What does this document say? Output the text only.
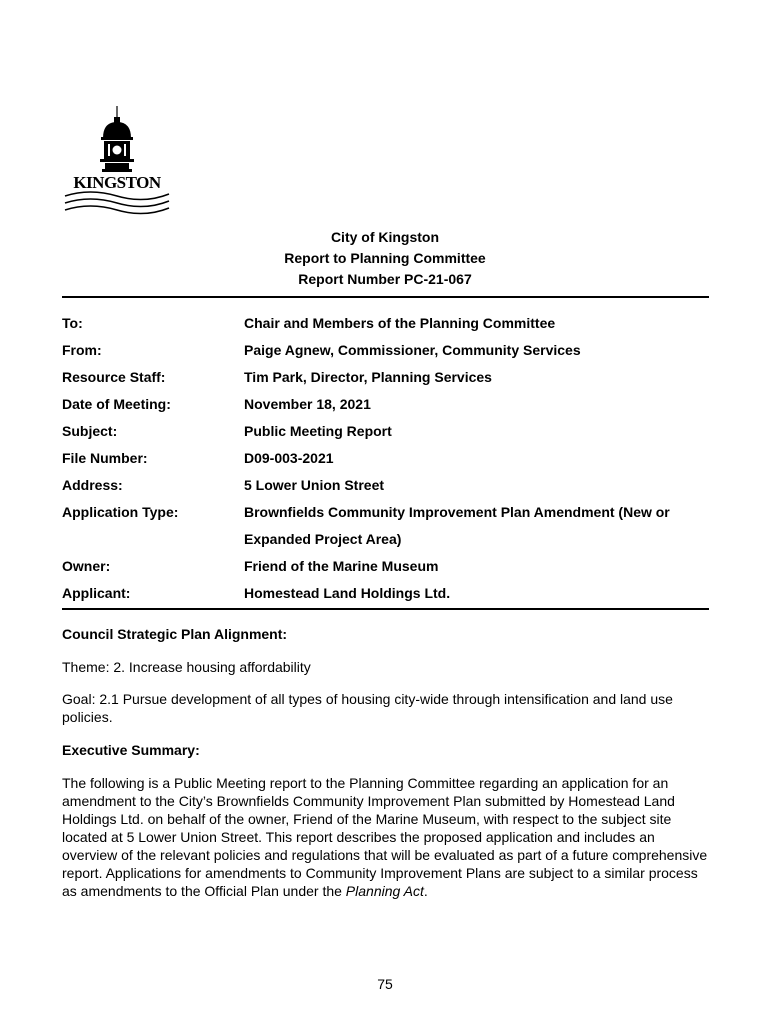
KINGSTON
City of Kingston
Report to Planning Committee
Report Number PC-21-067
To:	Chair and Members of the Planning Committee
From:	Paige Agnew, Commissioner, Community Services
Resource Staff:	Tim Park, Director, Planning Services
Date of Meeting:	November 18, 2021
Subject:	Public Meeting Report
File Number:	D09-003-2021
Address:	5 Lower Union Street
Application Type:	Brownfields Community Improvement Plan Amendment (New or Expanded Project Area)
Owner:	Friend of the Marine Museum
Applicant:	Homestead Land Holdings Ltd.
Council Strategic Plan Alignment:

Theme: 2. Increase housing affordability

Goal: 2.1 Pursue development of all types of housing city-wide through intensification and land use policies.

Executive Summary:

The following is a Public Meeting report to the Planning Committee regarding an application for an amendment to the City’s Brownfields Community Improvement Plan submitted by Homestead Land Holdings Ltd. on behalf of the owner, Friend of the Marine Museum, with respect to the subject site located at 5 Lower Union Street. This report describes the proposed application and includes an overview of the relevant policies and regulations that will be evaluated as part of a future comprehensive report. Applications for amendments to Community Improvement Plans are subject to a similar process as amendments to the Official Plan under the Planning Act.

75
